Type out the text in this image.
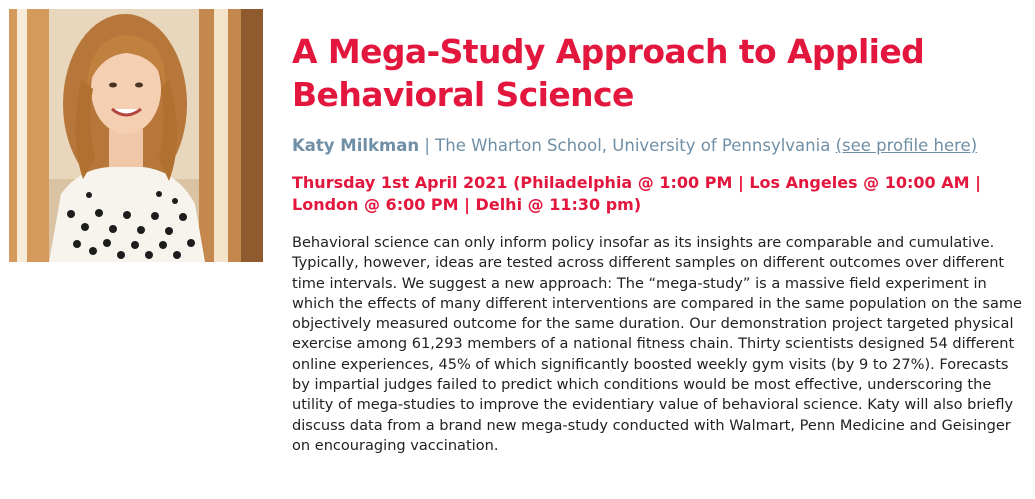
A Mega-Study Approach to Applied Behavioral Science
Katy Milkman | The Wharton School, University of Pennsylvania (see profile here)
Thursday 1st April 2021 (Philadelphia @ 1:00 PM | Los Angeles @ 10:00 AM | London @ 6:00 PM | Delhi @ 11:30 pm)

Behavioral science can only inform policy insofar as its insights are comparable and cumulative. Typically, however, ideas are tested across different samples on different outcomes over different time intervals. We suggest a new approach: The “mega-study” is a massive field experiment in which the effects of many different interventions are compared in the same population on the same objectively measured outcome for the same duration. Our demonstration project targeted physical exercise among 61,293 members of a national fitness chain. Thirty scientists designed 54 different online experiences, 45% of which significantly boosted weekly gym visits (by 9 to 27%). Forecasts by impartial judges failed to predict which conditions would be most effective, underscoring the utility of mega-studies to improve the evidentiary value of behavioral science. Katy will also briefly discuss data from a brand new mega-study conducted with Walmart, Penn Medicine and Geisinger on encouraging vaccination.
